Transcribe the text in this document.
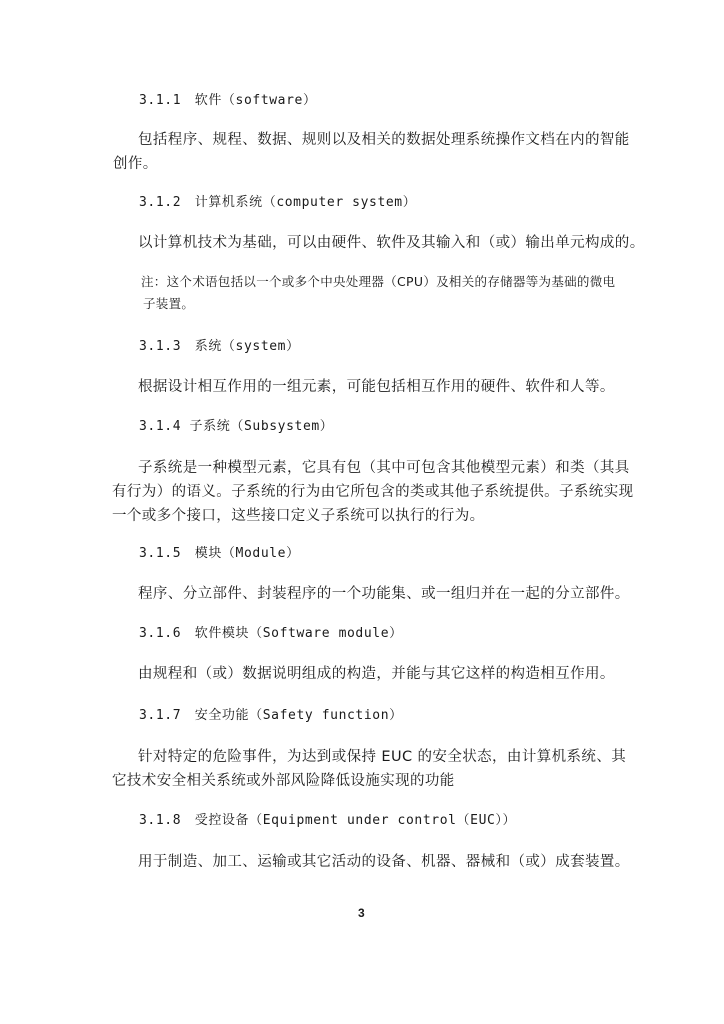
3.1.1　软件（software）

包括程序、规程、数据、规则以及相关的数据处理系统操作文档在内的智能
创作。

3.1.2　计算机系统（computer system）

以计算机技术为基础，可以由硬件、软件及其输入和（或）输出单元构成的。

注：这个术语包括以一个或多个中央处理器（CPU）及相关的存储器等为基础的微电
子装置。

3.1.3　系统（system）

根据设计相互作用的一组元素，可能包括相互作用的硬件、软件和人等。

3.1.4 子系统（Subsystem）

子系统是一种模型元素，它具有包（其中可包含其他模型元素）和类（其具
有行为）的语义。子系统的行为由它所包含的类或其他子系统提供。子系统实现
一个或多个接口，这些接口定义子系统可以执行的行为。

3.1.5　模块（Module）

程序、分立部件、封装程序的一个功能集、或一组归并在一起的分立部件。

3.1.6　软件模块（Software module）

由规程和（或）数据说明组成的构造，并能与其它这样的构造相互作用。

3.1.7　安全功能（Safety function）

针对特定的危险事件，为达到或保持 EUC 的安全状态，由计算机系统、其
它技术安全相关系统或外部风险降低设施实现的功能

3.1.8　受控设备（Equipment under control（EUC））

用于制造、加工、运输或其它活动的设备、机器、器械和（或）成套装置。

3
